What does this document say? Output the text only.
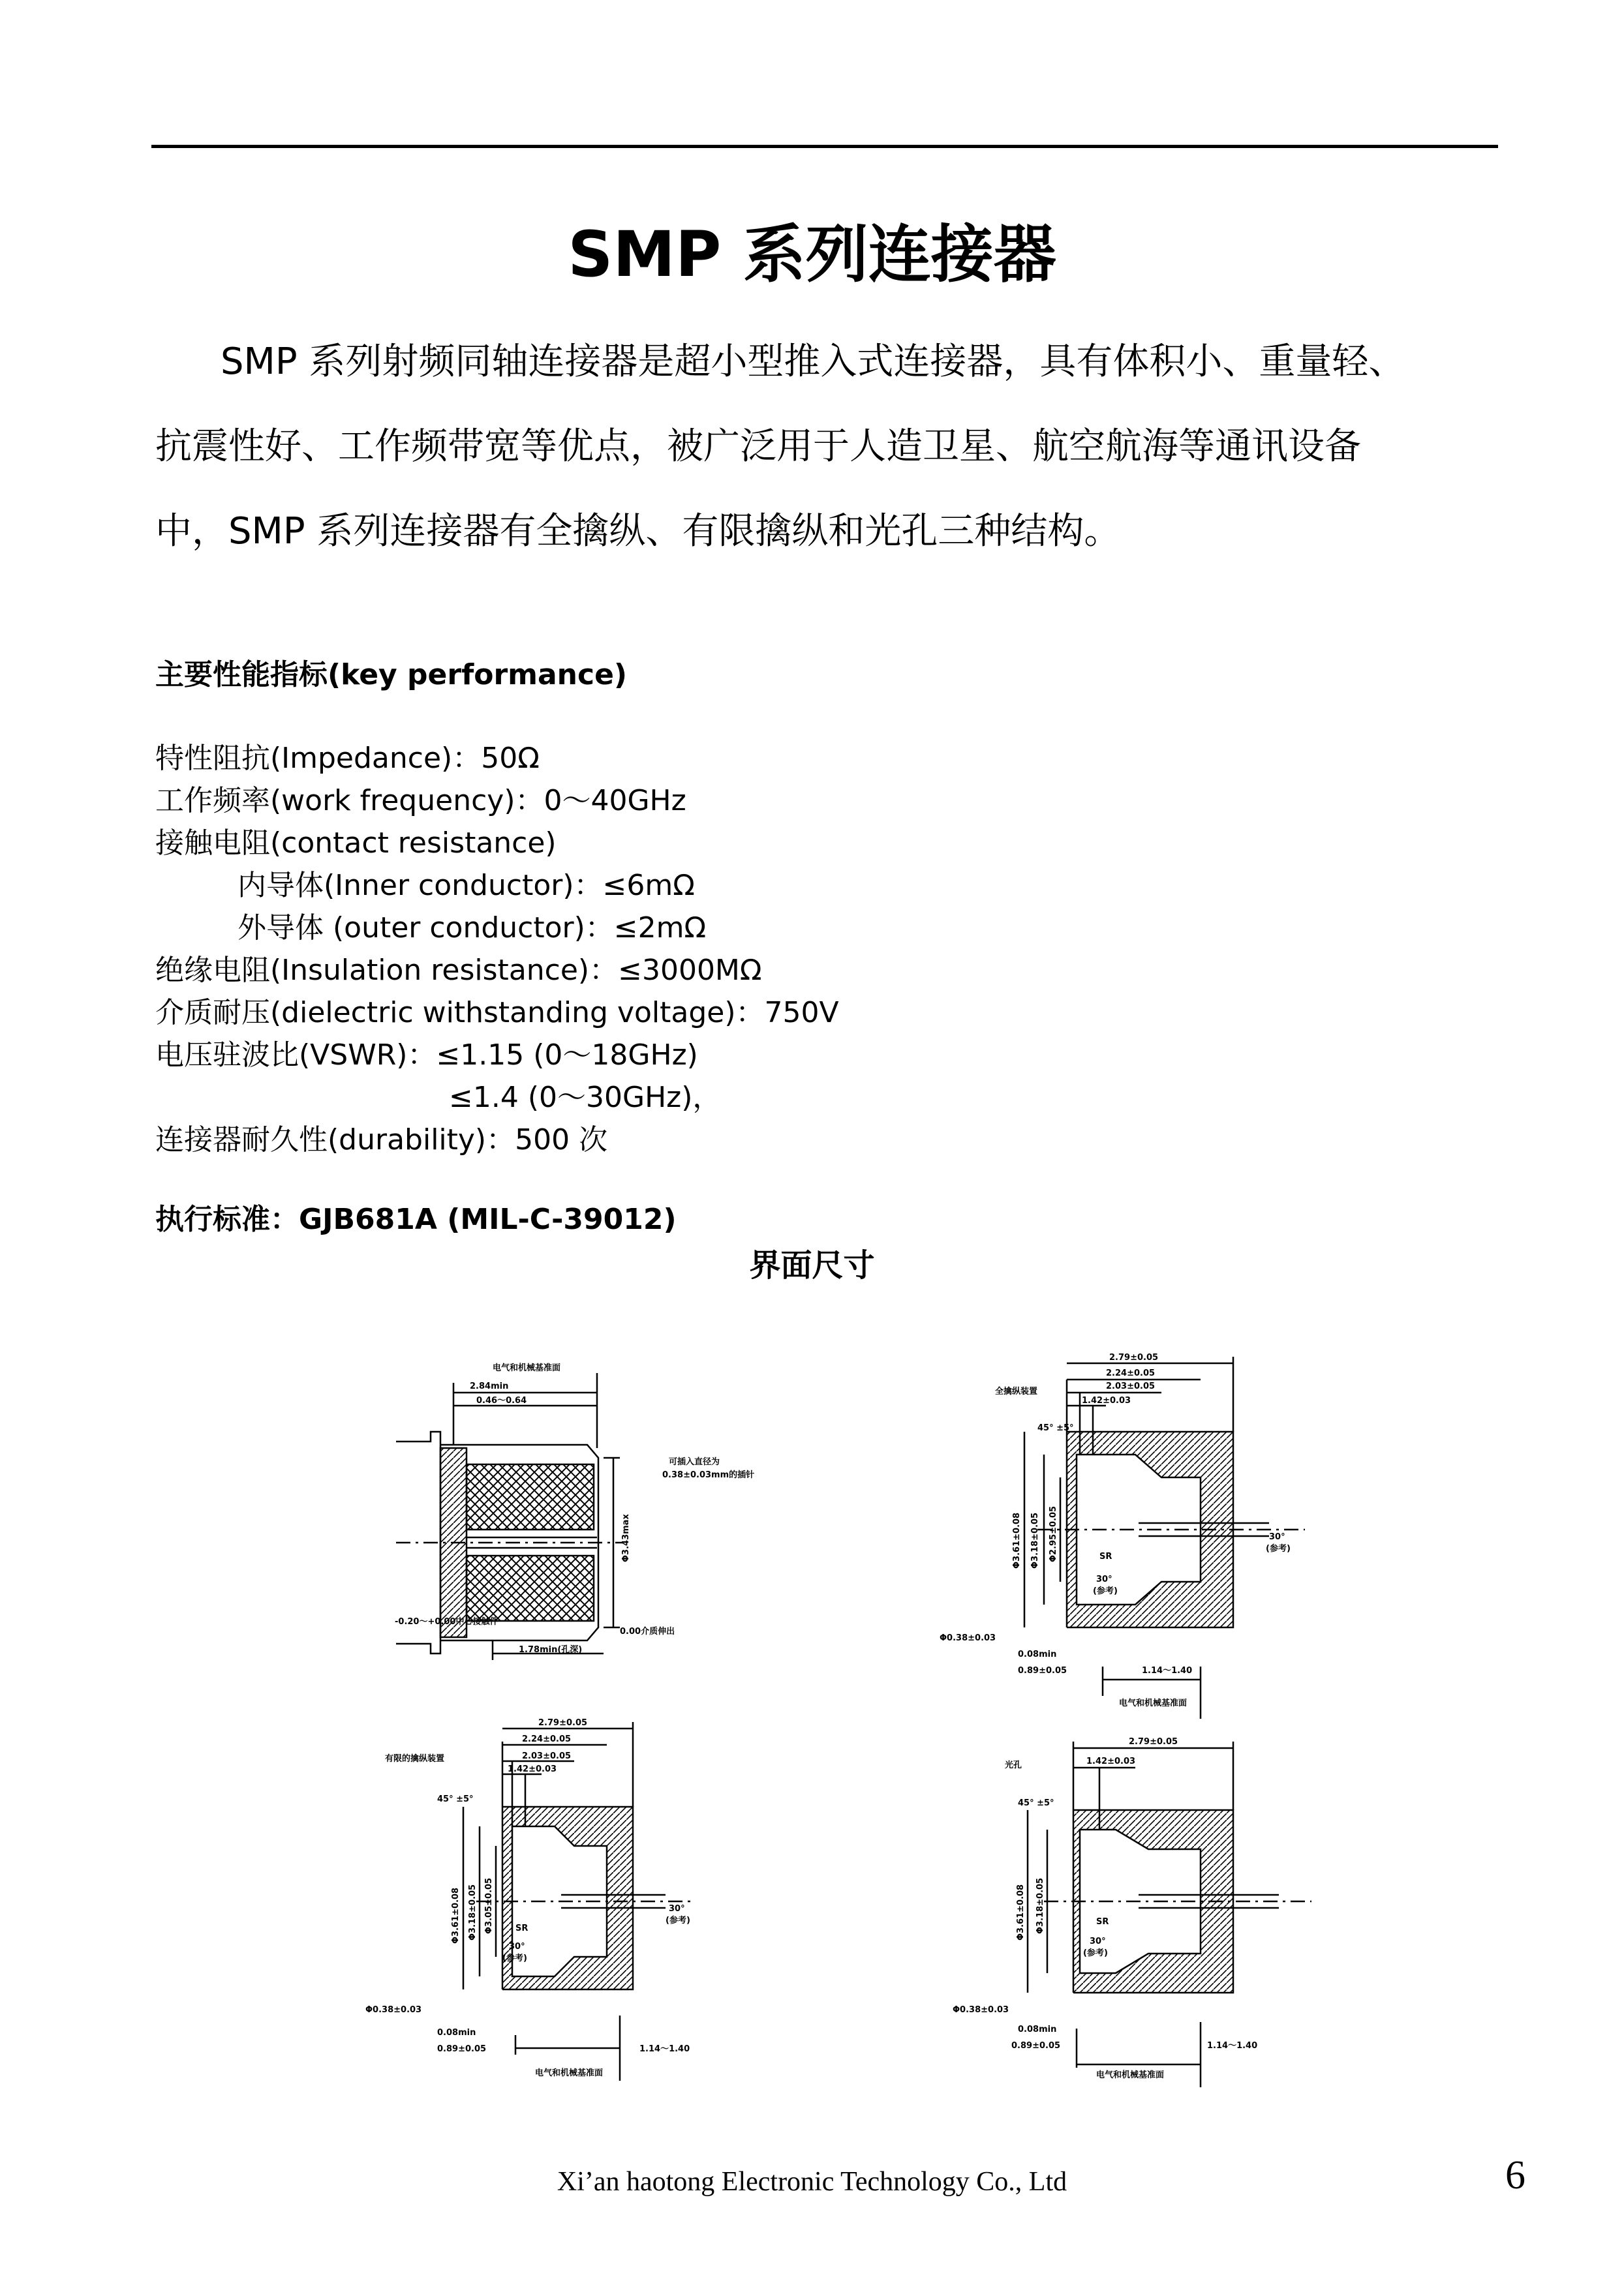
SMP 系列连接器

SMP 系列射频同轴连接器是超小型推入式连接器，具有体积小、重量轻、

抗震性好、工作频带宽等优点，被广泛用于人造卫星、航空航海等通讯设备

中，SMP 系列连接器有全擒纵、有限擒纵和光孔三种结构。

主要性能指标(key performance)
特性阻抗(Impedance)：50Ω
工作频率(work frequency)：0～40GHz
接触电阻(contact resistance)
内导体(Inner conductor)：≤6mΩ
外导体 (outer conductor)：≤2mΩ
绝缘电阻(Insulation resistance)：≤3000MΩ
介质耐压(dielectric withstanding voltage)：750V
电压驻波比(VSWR)：≤1.15 (0～18GHz)
≤1.4 (0～30GHz)，
连接器耐久性(durability)：500 次
执行标准：GJB681A (MIL-C-39012)
界面尺寸
电气和机械基准面
2.84min
0.46～0.64
可插入直径为
0.38±0.03mm的插针
-0.20～+0.00中心接触件
0.00介质伸出
1.78min(孔深)
Φ3.43max
2.79±0.05
2.24±0.05
2.03±0.05
1.42±0.03
全擒纵装置
45° ±5°
SR
30°
(参考)
30°
(参考)
Φ0.38±0.03
0.08min
0.89±0.05	1.14～1.40
电气和机械基准面
Φ3.61±0.08 Φ3.18±0.05 Φ2.95±0.05
2.79±0.05
2.24±0.05
2.03±0.05
1.42±0.03
有限的擒纵装置
45° ±5°
SR
30°
(参考)
30°
(参考)
Φ0.38±0.03
0.08min
0.89±0.05	1.14～1.40
电气和机械基准面
Φ3.61±0.08 Φ3.18±0.05 Φ3.05±0.05
2.79±0.05
1.42±0.03
光孔
45° ±5°
SR
30°
(参考)
Φ0.38±0.03
0.08min
0.89±0.05	1.14～1.40
电气和机械基准面
Φ3.61±0.08 Φ3.18±0.05
Xi’an haotong Electronic Technology Co., Ltd	6
